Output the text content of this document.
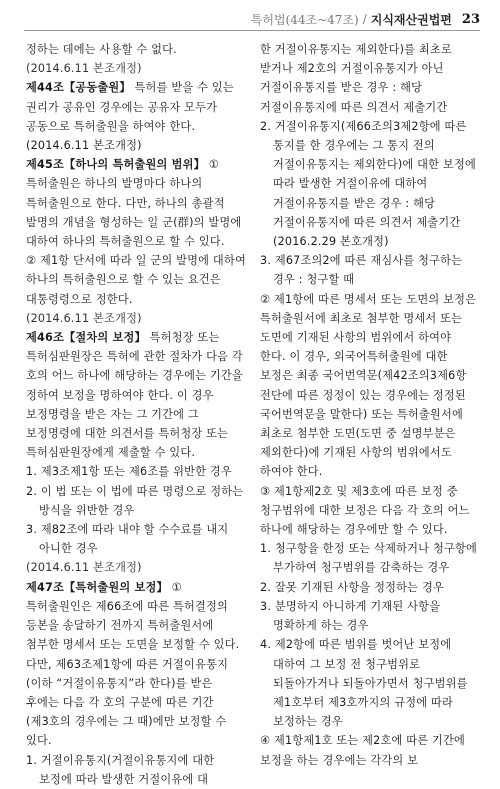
특허법(44조~47조) / 지식재산권법편 23

정하는 데에는 사용할 수 없다.

(2014.6.11 본조개정)

제44조【공동출원】 특허를 받을 수 있는 권리가 공유인 경우에는 공유자 모두가 공동으로 특허출원을 하여야 한다.(2014.6.11 본조개정)

제45조【하나의 특허출원의 범위】 ① 특허출원은 하나의 발명마다 하나의 특허출원으로 한다. 다만, 하나의 총괄적 발명의 개념을 형성하는 일 군(群)의 발명에 대하여 하나의 특허출원으로 할 수 있다.

② 제1항 단서에 따라 일 군의 발명에 대하여 하나의 특허출원으로 할 수 있는 요건은 대통령령으로 정한다.

(2014.6.11 본조개정)

제46조【절차의 보정】 특허청장 또는 특허심판원장은 특허에 관한 절차가 다음 각 호의 어느 하나에 해당하는 경우에는 기간을 정하여 보정을 명하여야 한다. 이 경우 보정명령을 받은 자는 그 기간에 그 보정명령에 대한 의견서를 특허청장 또는 특허심판원장에게 제출할 수 있다.

1. 제3조제1항 또는 제6조를 위반한 경우

2. 이 법 또는 이 법에 따른 명령으로 정하는 방식을 위반한 경우

3. 제82조에 따라 내야 할 수수료를 내지 아니한 경우

(2014.6.11 본조개정)

제47조【특허출원의 보정】 ① 특허출원인은 제66조에 따른 특허결정의 등본을 송달하기 전까지 특허출원서에 첨부한 명세서 또는 도면을 보정할 수 있다. 다만, 제63조제1항에 따른 거절이유통지(이하 “거절이유통지”라 한다)를 받은 후에는 다음 각 호의 구분에 따른 기간(제3호의 경우에는 그 때)에만 보정할 수 있다.

1. 거절이유통지(거절이유통지에 대한 보정에 따라 발생한 거절이유에 대

한 거절이유통지는 제외한다)를 최초로 받거나 제2호의 거절이유통지가 아닌 거절이유통지를 받은 경우 : 해당 거절이유통지에 따른 의견서 제출기간

2. 거절이유통지(제66조의3제2항에 따른 통지를 한 경우에는 그 통지 전의 거절이유통지는 제외한다)에 대한 보정에 따라 발생한 거절이유에 대하여 거절이유통지를 받은 경우 : 해당 거절이유통지에 따른 의견서 제출기간(2016.2.29 본호개정)

3. 제67조의2에 따른 재심사를 청구하는 경우 : 청구할 때

② 제1항에 따른 명세서 또는 도면의 보정은 특허출원서에 최초로 첨부한 명세서 또는 도면에 기재된 사항의 범위에서 하여야 한다. 이 경우, 외국어특허출원에 대한 보정은 최종 국어번역문(제42조의3제6항 전단에 따른 정정이 있는 경우에는 정정된 국어번역문을 말한다) 또는 특허출원서에 최초로 첨부한 도면(도면 중 설명부분은 제외한다)에 기재된 사항의 범위에서도 하여야 한다.

③ 제1항제2호 및 제3호에 따른 보정 중 청구범위에 대한 보정은 다음 각 호의 어느 하나에 해당하는 경우에만 할 수 있다.

1. 청구항을 한정 또는 삭제하거나 청구항에 부가하여 청구범위를 감축하는 경우

2. 잘못 기재된 사항을 정정하는 경우

3. 분명하지 아니하게 기재된 사항을 명확하게 하는 경우

4. 제2항에 따른 범위를 벗어난 보정에 대하여 그 보정 전 청구범위로 되돌아가거나 되돌아가면서 청구범위를 제1호부터 제3호까지의 규정에 따라 보정하는 경우

④ 제1항제1호 또는 제2호에 따른 기간에 보정을 하는 경우에는 각각의 보
